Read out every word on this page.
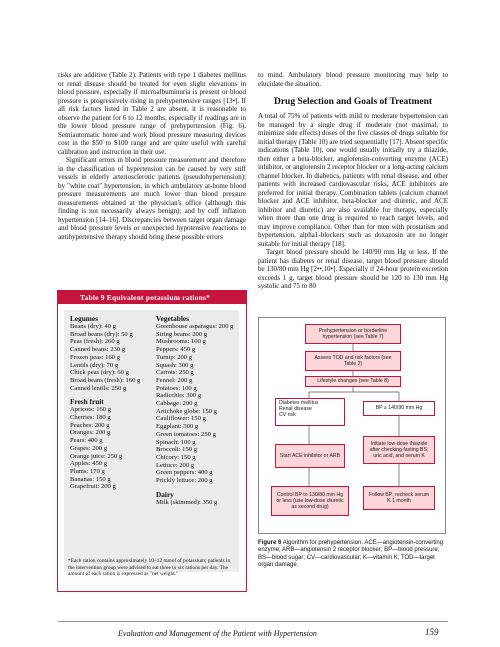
risks are additive (Table 2). Patients with type 1 diabetes mellitus or renal disease should be treated for even slight elevations in blood pressure, especially if microalbuminuria is present or blood pressure is progressively rising in prehypertensive ranges [13•]. If all risk factors listed in Table 2 are absent, it is reasonable to observe the patient for 6 to 12 months, especially if readings are in the lower blood pressure range of prehypertension (Fig. 6). Semiautomatic home and work blood pressure measuring devices cost in the $50 to $100 range and are quite useful with careful calibration and instruction in their use.

Significant errors in blood pressure measurement and therefore in the classification of hypertension can be caused by very stiff vessels in elderly arteriosclerotic patients (pseudohypertension); by "white coat" hypertension, in which ambulatory at-home blood pressure measurements are much lower than blood pressure measurements obtained at the physician's office (although this finding is not necessarily always benign); and by cuff inflation hypertension [14–16]. Discrepancies between target organ damage and blood pressure levels or unexpected hypotensive reactions to antihypertensive therapy should bring these possible errors

to mind. Ambulatory blood pressure monitoring may help to elucidate the situation.

Drug Selection and Goals of Treatment

A total of 75% of patients with mild to moderate hypertension can be managed by a single drug if moderate (not maximal, to minimize side effects) doses of the five classes of drugs suitable for initial therapy (Table 10) are tried sequentially [17]. Absent specific indications (Table 10), one would usually initially try a thiazide, then either a beta-blocker, angiotensin-converting enzyme (ACE) inhibitor, or angiotensin 2 receptor blocker or a long-acting calcium channel blocker. In diabetics, patients with renal disease, and other patients with increased cardiovascular risks, ACE inhibitors are preferred for initial therapy. Combination tablets (calcium channel blocker and ACE inhibitor, beta-blocker and diuretic, and ACE inhibitor and diuretic) are also available for therapy, especially when more than one drug is required to reach target levels, and may improve compliance. Other than for men with prostatism and hypertension, alpha1-blockers such as doxazosin are no longer suitable for initial therapy [18].

Target blood pressure should be 140/90 mm Hg or less. If the patient has diabetes or renal disease, target blood pressure should be 130/80 mm Hg [2••,10•]. Especially if 24-hour protein excretion exceeds 1 g, target blood pressure should be 120 to 130 mm Hg systolic and 75 to 80

Table 9 Equivalent potassium rations*
Legumes
Beans (dry): 40 g
Broad beans (dry): 50 g
Peas (fresh): 260 g
Canned beans: 230 g
Frozen peas: 160 g
Lentils (dry): 70 g
Chick peas (dry): 60 g
Broad beans (fresh): 160 g
Canned lentils: 250 g
Fresh fruit
Apricots: 160 g
Cherries: 180 g
Peaches: 200 g
Oranges: 200 g
Pears: 400 g
Grapes: 200 g
Orange juice: 250 g
Apples: 450 g
Plums: 170 g
Bananas: 150 g
Grapefruit: 200 g
Vegetables
Greenhouse asparagus: 200 g
String beans: 200 g
Mushrooms: 100 g
Peppers: 450 g
Turnip: 200 g
Squash: 300 g
Carrots: 250 g
Fennel: 200 g
Potatoes: 100 g
Radicchio: 300 g
Cabbage: 200 g
Artichoke globe: 150 g
Cauliflower: 150 g
Eggplant: 300 g
Green tomatoes: 250 g
Spinach: 100 g
Broccoli: 150 g
Chicory: 150 g
Lettuce: 200 g
Green peppers: 400 g
Prickly lettuce: 200 g
Dairy
Milk (skimmed): 350 g
*Each ration contains approximately 10–12 mmol of potassium; patients in the intervention group were advised to eat three to six rations per day. The amount of each ration is expressed as "net weight."
Prehypertension or borderline hypertension (see Table 7)
Assess TOD and risk factors (see Table 2)
Lifestyle changes (see Table 8)
Diabetes mellitus
Renal disease
CV risk
BP ≥ 140/90 mm Hg
Start ACE inhibitor or ARB
Initiate low-dose thiazide after checking fasting BS, uric acid, and serum K
Control BP to 130/80 mm Hg or less (use low-dose diuretic as second drug)
Follow BP; recheck serum K 1 month
Figure 6 Algorithm for prehypertension. ACE—angiotensin-converting enzyme; ARB—angiotensin 2 receptor blocker; BP—blood pressure; BS—blood sugar; CV—cardiovascular; K—vitamin K; TOD—target organ damage.
Evaluation and Management of the Patient with Hypertension	159
